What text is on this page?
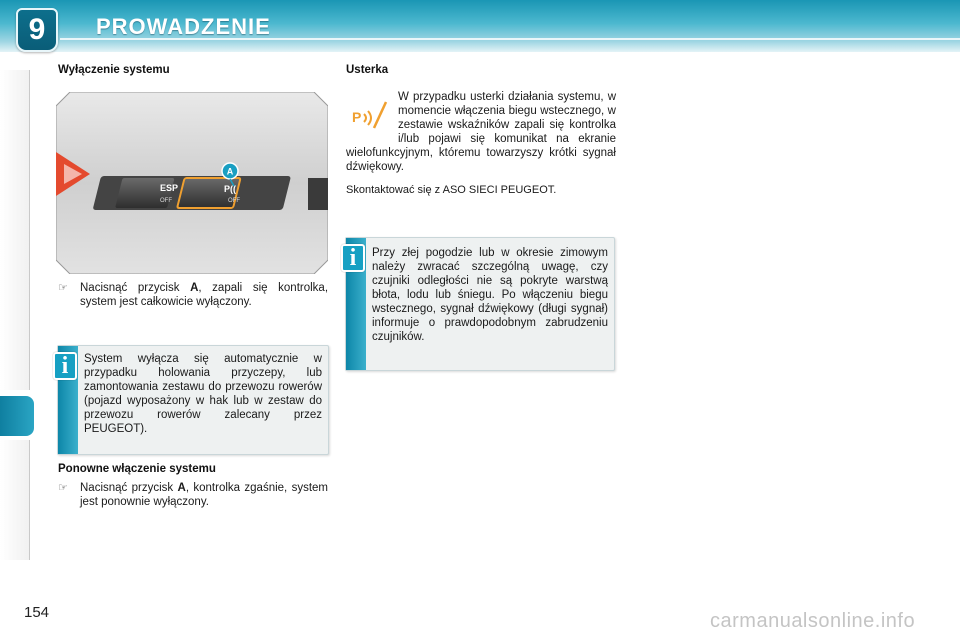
9	PROWADZENIE
Wyłączenie systemu
ESP
OFF
P((
OFF
A
☞ Nacisnąć przycisk A, zapali się kontrolka, system jest całkowicie wyłączony.
System wyłącza się automatycznie w przypadku holowania przyczepy, lub zamontowania zestawu do przewozu rowerów (pojazd wyposażony w hak lub w zestaw do przewozu rowerów zalecany przez PEUGEOT).
i
Ponowne włączenie systemu
☞ Nacisnąć przycisk A, kontrolka zgaśnie, system jest ponownie wyłączony.
Usterka
P
W przypadku usterki działania systemu, w momencie włączenia biegu wstecznego, w zestawie wskaźników zapali się kontrolka i/lub pojawi się komunikat na ekranie wielofunkcyjnym, któremu towarzyszy krótki sygnał dźwiękowy.
Skontaktować się z ASO SIECI PEUGEOT.
Przy złej pogodzie lub w okresie zimowym należy zwracać szczególną uwagę, czy czujniki odległości nie są pokryte warstwą błota, lodu lub śniegu. Po włączeniu biegu wstecznego, sygnał dźwiękowy (długi sygnał) informuje o prawdopodobnym zabrudzeniu czujników.
i
154	carmanualsonline.info
